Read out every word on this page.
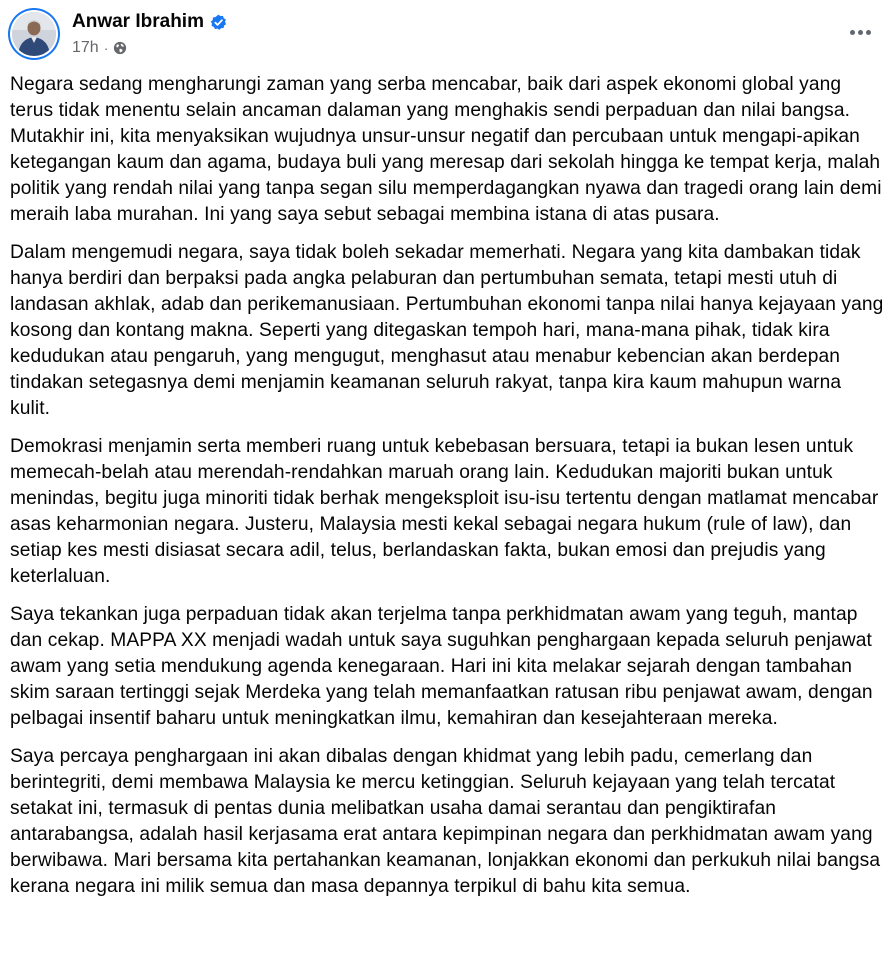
Anwar Ibrahim
17h ·

Negara sedang mengharungi zaman yang serba mencabar, baik dari aspek ekonomi global yang terus tidak menentu selain ancaman dalaman yang menghakis sendi perpaduan dan nilai bangsa. Mutakhir ini, kita menyaksikan wujudnya unsur-unsur negatif dan percubaan untuk mengapi-apikan ketegangan kaum dan agama, budaya buli yang meresap dari sekolah hingga ke tempat kerja, malah politik yang rendah nilai yang tanpa segan silu memperdagangkan nyawa dan tragedi orang lain demi meraih laba murahan. Ini yang saya sebut sebagai membina istana di atas pusara.

Dalam mengemudi negara, saya tidak boleh sekadar memerhati. Negara yang kita dambakan tidak hanya berdiri dan berpaksi pada angka pelaburan dan pertumbuhan semata, tetapi mesti utuh di landasan akhlak, adab dan perikemanusiaan. Pertumbuhan ekonomi tanpa nilai hanya kejayaan yang kosong dan kontang makna. Seperti yang ditegaskan tempoh hari, mana-mana pihak, tidak kira kedudukan atau pengaruh, yang mengugut, menghasut atau menabur kebencian akan berdepan tindakan setegasnya demi menjamin keamanan seluruh rakyat, tanpa kira kaum mahupun warna kulit.

Demokrasi menjamin serta memberi ruang untuk kebebasan bersuara, tetapi ia bukan lesen untuk memecah-belah atau merendah-rendahkan maruah orang lain. Kedudukan majoriti bukan untuk menindas, begitu juga minoriti tidak berhak mengeksploit isu-isu tertentu dengan matlamat mencabar asas keharmonian negara. Justeru, Malaysia mesti kekal sebagai negara hukum (rule of law), dan setiap kes mesti disiasat secara adil, telus, berlandaskan fakta, bukan emosi dan prejudis yang keterlaluan.

Saya tekankan juga perpaduan tidak akan terjelma tanpa perkhidmatan awam yang teguh, mantap dan cekap. MAPPA XX menjadi wadah untuk saya suguhkan penghargaan kepada seluruh penjawat awam yang setia mendukung agenda kenegaraan. Hari ini kita melakar sejarah dengan tambahan skim saraan tertinggi sejak Merdeka yang telah memanfaatkan ratusan ribu penjawat awam, dengan pelbagai insentif baharu untuk meningkatkan ilmu, kemahiran dan kesejahteraan mereka.

Saya percaya penghargaan ini akan dibalas dengan khidmat yang lebih padu, cemerlang dan berintegriti, demi membawa Malaysia ke mercu ketinggian. Seluruh kejayaan yang telah tercatat setakat ini, termasuk di pentas dunia melibatkan usaha damai serantau dan pengiktirafan antarabangsa, adalah hasil kerjasama erat antara kepimpinan negara dan perkhidmatan awam yang berwibawa. Mari bersama kita pertahankan keamanan, lonjakkan ekonomi dan perkukuh nilai bangsa kerana negara ini milik semua dan masa depannya terpikul di bahu kita semua.
